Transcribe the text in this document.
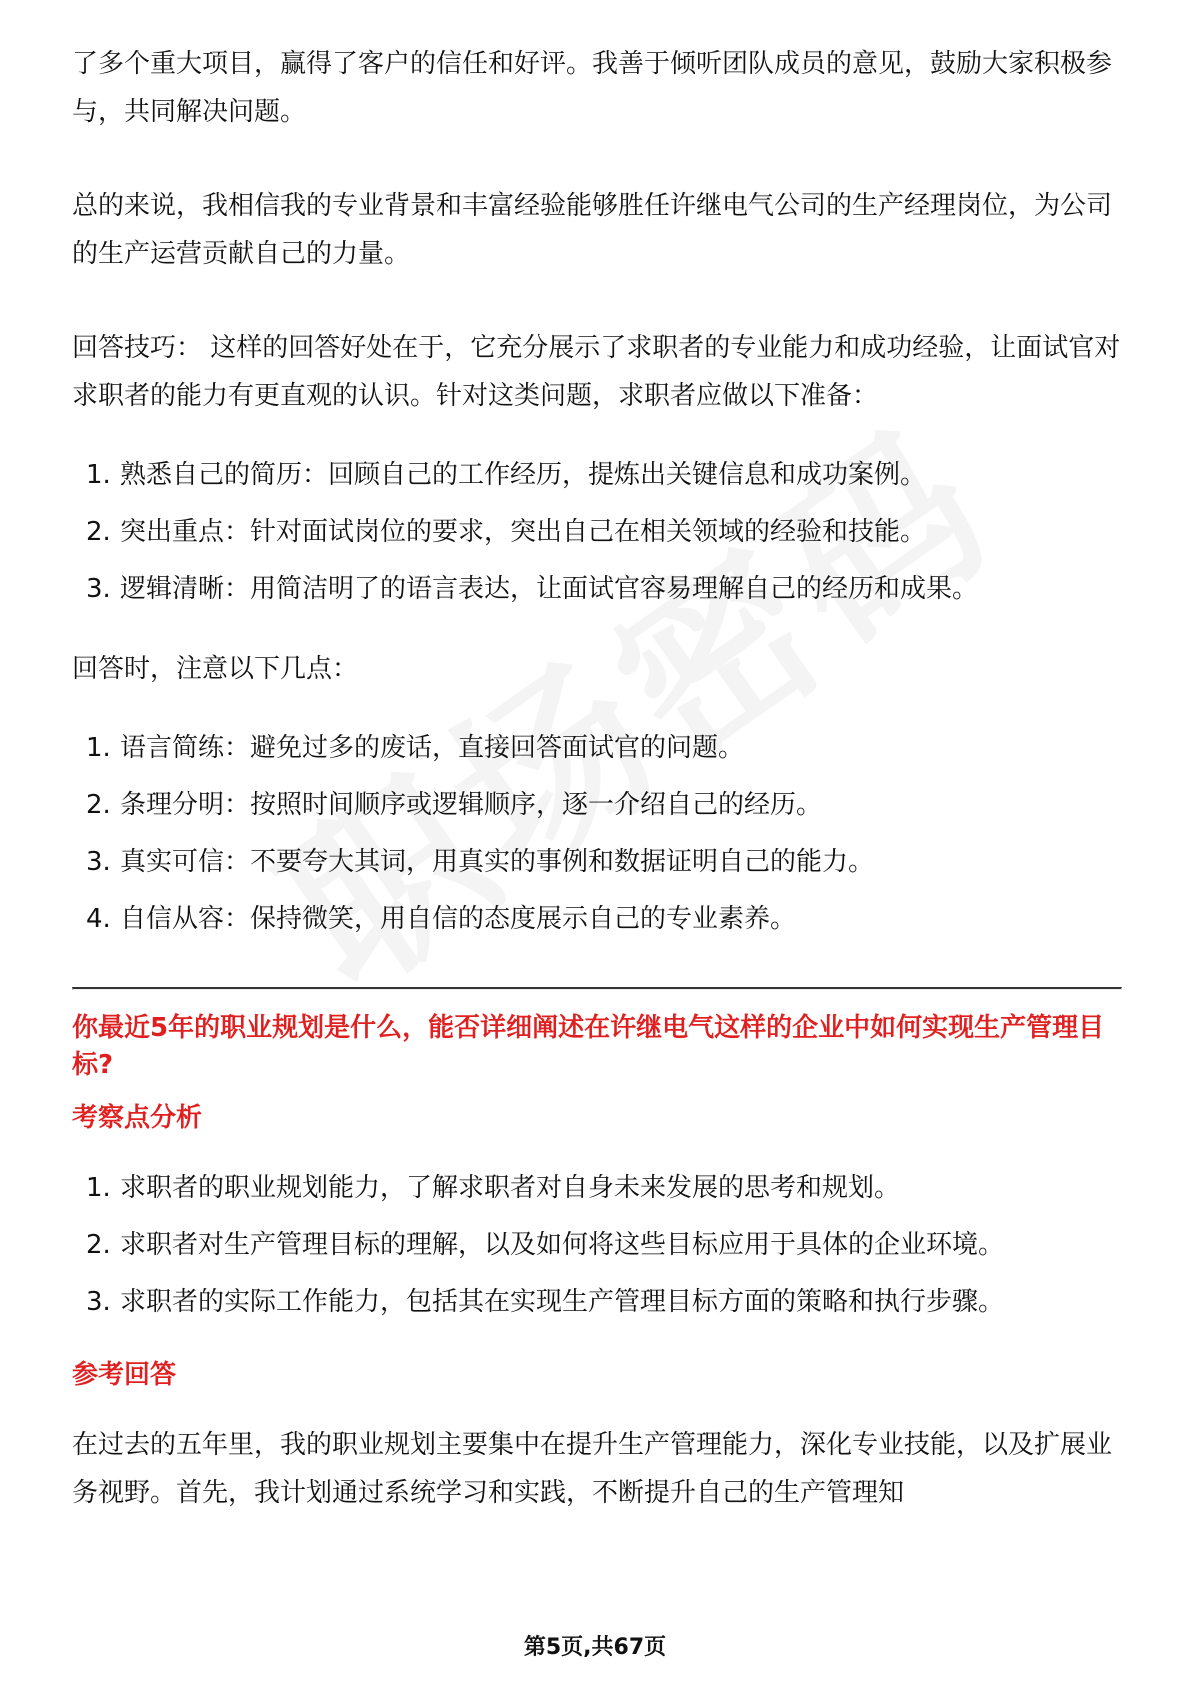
了多个重大项目，赢得了客户的信任和好评。我善于倾听团队成员的意见，鼓励大家积极参与，共同解决问题。

总的来说，我相信我的专业背景和丰富经验能够胜任许继电气公司的生产经理岗位，为公司的生产运营贡献自己的力量。

回答技巧： 这样的回答好处在于，它充分展示了求职者的专业能力和成功经验，让面试官对求职者的能力有更直观的认识。针对这类问题，求职者应做以下准备：

1. 熟悉自己的简历：回顾自己的工作经历，提炼出关键信息和成功案例。
2. 突出重点：针对面试岗位的要求，突出自己在相关领域的经验和技能。
3. 逻辑清晰：用简洁明了的语言表达，让面试官容易理解自己的经历和成果。

回答时，注意以下几点：

1. 语言简练：避免过多的废话，直接回答面试官的问题。
2. 条理分明：按照时间顺序或逻辑顺序，逐一介绍自己的经历。
3. 真实可信：不要夸大其词，用真实的事例和数据证明自己的能力。
4. 自信从容：保持微笑，用自信的态度展示自己的专业素养。

你最近5年的职业规划是什么，能否详细阐述在许继电气这样的企业中如何实现生产管理目标?

考察点分析

1. 求职者的职业规划能力，了解求职者对自身未来发展的思考和规划。
2. 求职者对生产管理目标的理解，以及如何将这些目标应用于具体的企业环境。
3. 求职者的实际工作能力，包括其在实现生产管理目标方面的策略和执行步骤。

参考回答

在过去的五年里，我的职业规划主要集中在提升生产管理能力，深化专业技能，以及扩展业务视野。首先，我计划通过系统学习和实践，不断提升自己的生产管理知

第5页,共67页
